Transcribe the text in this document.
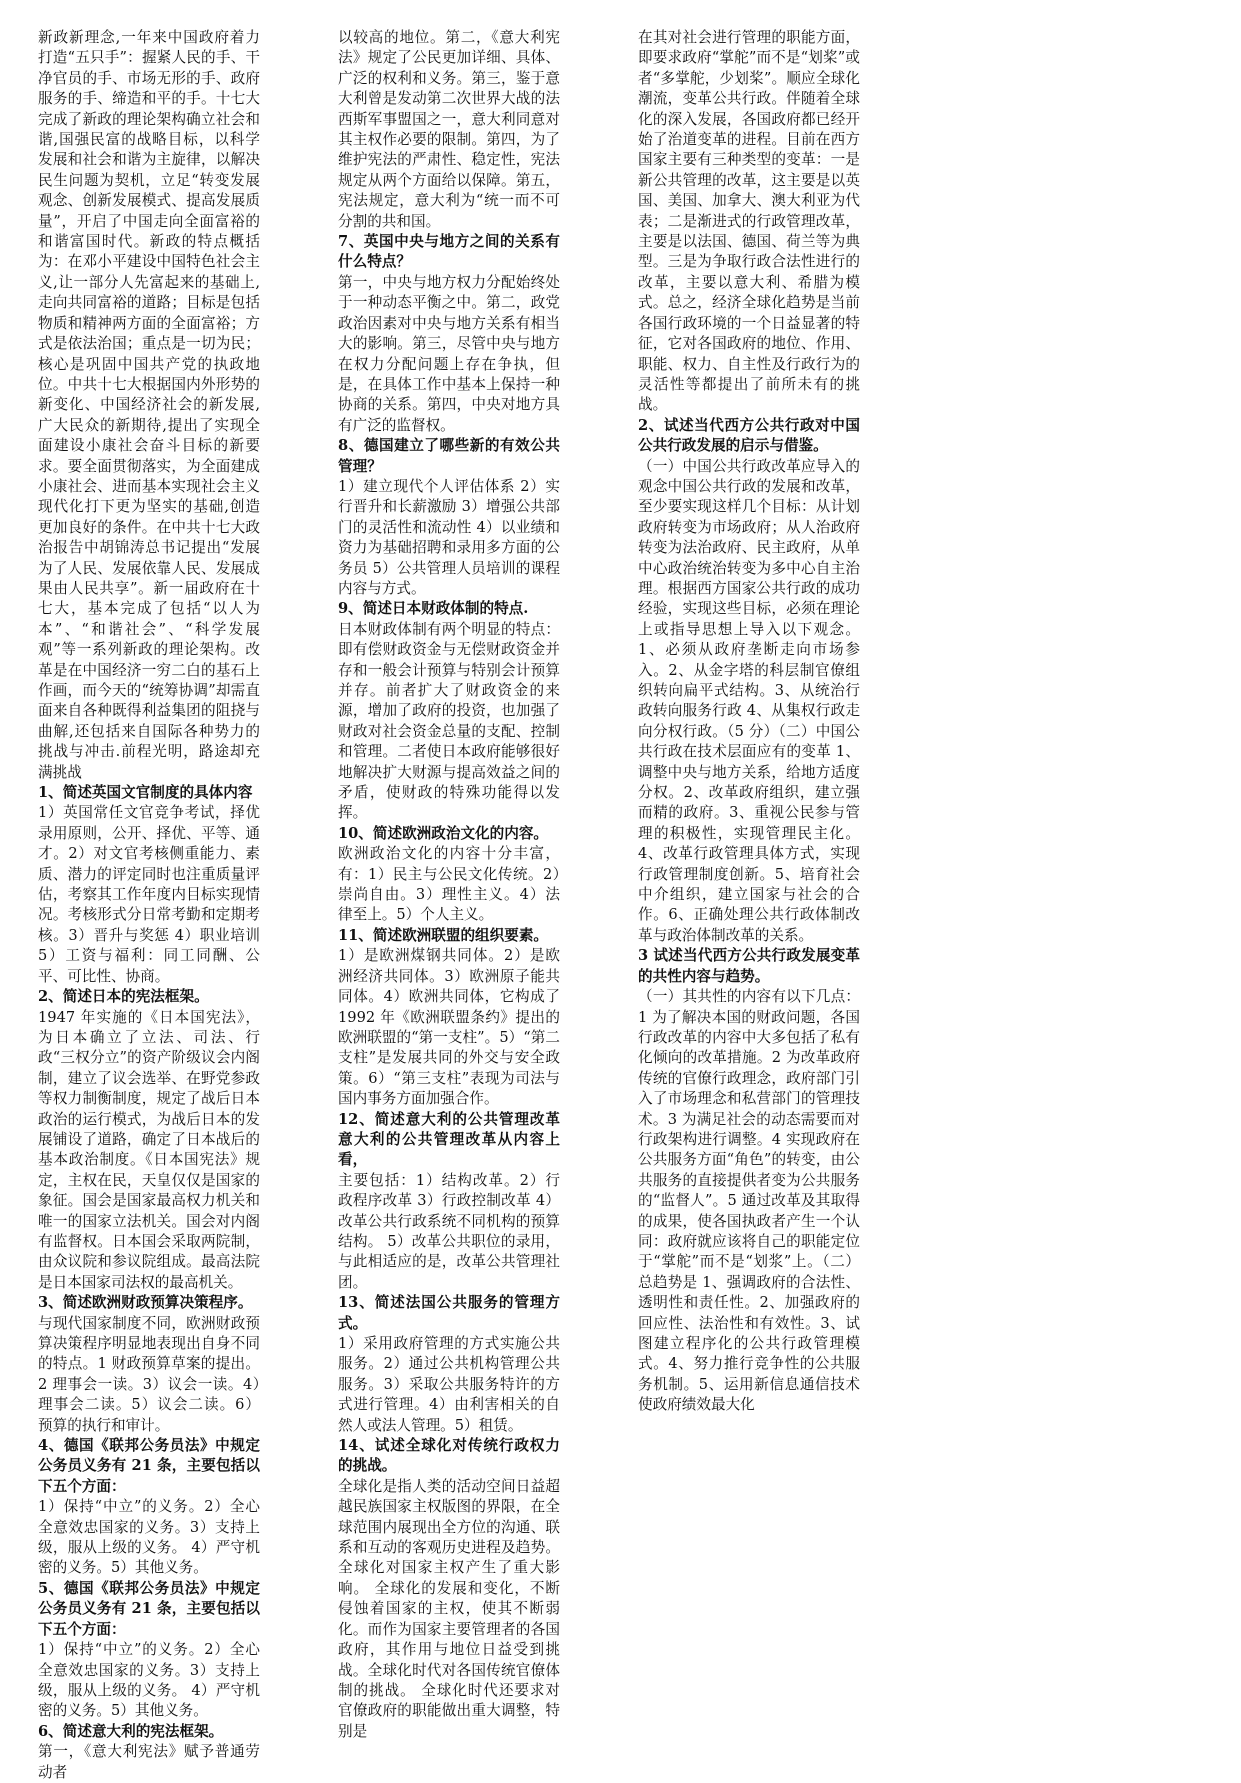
新政新理念,一年来中国政府着力打造“五只手”：握紧人民的手、干净官员的手、市场无形的手、政府服务的手、缔造和平的手。十七大完成了新政的理论架构确立社会和谐,国强民富的战略目标，以科学发展和社会和谐为主旋律，以解决民生问题为契机，立足“转变发展观念、创新发展模式、提高发展质量”，开启了中国走向全面富裕的和谐富国时代。新政的特点概括为：在邓小平建设中国特色社会主义,让一部分人先富起来的基础上,走向共同富裕的道路；目标是包括物质和精神两方面的全面富裕；方式是依法治国；重点是一切为民；核心是巩固中国共产党的执政地位。中共十七大根据国内外形势的新变化、中国经济社会的新发展,广大民众的新期待,提出了实现全面建设小康社会奋斗目标的新要求。要全面贯彻落实，为全面建成小康社会、进而基本实现社会主义现代化打下更为坚实的基础,创造更加良好的条件。在中共十七大政治报告中胡锦涛总书记提出“发展为了人民、发展依靠人民、发展成果由人民共享”。新一届政府在十七大，基本完成了包括“以人为本”、“和谐社会”、“科学发展观”等一系列新政的理论架构。改革是在中国经济一穷二白的基石上作画，而今天的“统筹协调”却需直面来自各种既得利益集团的阻挠与曲解,还包括来自国际各种势力的挑战与冲击.前程光明，路途却充满挑战
1、简述英国文官制度的具体内容
1）英国常任文官竞争考试，择优录用原则，公开、择优、平等、通才。2）对文官考核侧重能力、素质、潜力的评定同时也注重质量评估，考察其工作年度内目标实现情况。考核形式分日常考勤和定期考核。3）晋升与奖惩 4）职业培训 5）工资与福利：同工同酬、公平、可比性、协商。
2、简述日本的宪法框架。
1947 年实施的《日本国宪法》，为日本确立了立法、司法、行政“三权分立”的资产阶级议会内阁制，建立了议会选举、在野党参政等权力制衡制度，规定了战后日本政治的运行模式，为战后日本的发展铺设了道路，确定了日本战后的基本政治制度。《日本国宪法》规定，主权在民，天皇仅仅是国家的象征。国会是国家最高权力机关和唯一的国家立法机关。国会对内阁有监督权。日本国会采取两院制，由众议院和参议院组成。最高法院是日本国家司法权的最高机关。
3、简述欧洲财政预算决策程序。
与现代国家制度不同，欧洲财政预算决策程序明显地表现出自身不同的特点。1 财政预算草案的提出。2 理事会一读。3）议会一读。4）理事会二读。5）议会二读。6）预算的执行和审计。
4、德国《联邦公务员法》中规定公务员义务有 21 条，主要包括以下五个方面：
1）保持“中立”的义务。2）全心全意效忠国家的义务。3）支持上级，服从上级的义务。 4）严守机密的义务。5）其他义务。
5、德国《联邦公务员法》中规定公务员义务有 21 条，主要包括以下五个方面：
1）保持“中立”的义务。2）全心全意效忠国家的义务。3）支持上级，服从上级的义务。 4）严守机密的义务。5）其他义务。
6、简述意大利的宪法框架。
第一，《意大利宪法》赋予普通劳动者
以较高的地位。第二，《意大利宪法》规定了公民更加详细、具体、广泛的权利和义务。第三，鉴于意大利曾是发动第二次世界大战的法西斯军事盟国之一，意大利同意对其主权作必要的限制。第四，为了维护宪法的严肃性、稳定性，宪法规定从两个方面给以保障。第五，宪法规定，意大利为“统一而不可分割的共和国。
7、英国中央与地方之间的关系有什么特点？
第一，中央与地方权力分配始终处于一种动态平衡之中。第二，政党政治因素对中央与地方关系有相当大的影响。第三，尽管中央与地方在权力分配问题上存在争执，但是，在具体工作中基本上保持一种协商的关系。第四，中央对地方具有广泛的监督权。
8、德国建立了哪些新的有效公共管理？
1）建立现代个人评估体系 2）实行晋升和长薪激励 3）增强公共部门的灵活性和流动性 4）以业绩和资力为基础招聘和录用多方面的公务员 5）公共管理人员培训的课程内容与方式。
9、简述日本财政体制的特点.
日本财政体制有两个明显的特点：即有偿财政资金与无偿财政资金并存和一般会计预算与特别会计预算并存。前者扩大了财政资金的来源，增加了政府的投资，也加强了财政对社会资金总量的支配、控制和管理。二者使日本政府能够很好地解决扩大财源与提高效益之间的矛盾，使财政的特殊功能得以发挥。
10、简述欧洲政治文化的内容。
欧洲政治文化的内容十分丰富，有：1）民主与公民文化传统。2）崇尚自由。3）理性主义。4）法律至上。5）个人主义。
11、简述欧洲联盟的组织要素。
1）是欧洲煤钢共同体。2）是欧洲经济共同体。3）欧洲原子能共同体。4）欧洲共同体，它构成了 1992 年《欧洲联盟条约》提出的欧洲联盟的“第一支柱”。5）“第二支柱”是发展共同的外交与安全政策。6）“第三支柱”表现为司法与国内事务方面加强合作。
12、简述意大利的公共管理改革意大利的公共管理改革从内容上看，
主要包括：1）结构改革。2）行政程序改革 3）行政控制改革 4）改革公共行政系统不同机构的预算结构。 5）改革公共职位的录用，与此相适应的是，改革公共管理社团。
13、简述法国公共服务的管理方式。
1）采用政府管理的方式实施公共服务。2）通过公共机构管理公共服务。3）采取公共服务特许的方式进行管理。4）由利害相关的自然人或法人管理。5）租赁。
14、试述全球化对传统行政权力的挑战。
全球化是指人类的活动空间日益超越民族国家主权版图的界限，在全球范围内展现出全方位的沟通、联系和互动的客观历史进程及趋势。全球化对国家主权产生了重大影响。 全球化的发展和变化，不断侵蚀着国家的主权，使其不断弱化。而作为国家主要管理者的各国政府，其作用与地位日益受到挑战。全球化时代对各国传统官僚体制的挑战。 全球化时代还要求对官僚政府的职能做出重大调整，特别是
在其对社会进行管理的职能方面，即要求政府“掌舵”而不是“划桨”或者“多掌舵，少划桨”。顺应全球化潮流，变革公共行政。伴随着全球化的深入发展，各国政府都已经开始了治道变革的进程。目前在西方国家主要有三种类型的变革：一是新公共管理的改革，这主要是以英国、美国、加拿大、澳大利亚为代表；二是渐进式的行政管理改革，主要是以法国、德国、荷兰等为典型。三是为争取行政合法性进行的改革，主要以意大利、希腊为模式。总之，经济全球化趋势是当前各国行政环境的一个日益显著的特征，它对各国政府的地位、作用、职能、权力、自主性及行政行为的灵活性等都提出了前所未有的挑战。
2、试述当代西方公共行政对中国公共行政发展的启示与借鉴。
（一）中国公共行政改革应导入的观念中国公共行政的发展和改革，至少要实现这样几个目标：从计划政府转变为市场政府；从人治政府转变为法治政府、民主政府，从单中心政治统治转变为多中心自主治理。根据西方国家公共行政的成功经验，实现这些目标，必须在理论上或指导思想上导入以下观念。1、必须从政府垄断走向市场参入。2、从金字塔的科层制官僚组织转向扁平式结构。3、从统治行政转向服务行政 4、从集权行政走向分权行政。（5 分）（二）中国公共行政在技术层面应有的变革 1、调整中央与地方关系，给地方适度分权。2、改革政府组织，建立强而精的政府。3、重视公民参与管理的积极性，实现管理民主化。4、改革行政管理具体方式，实现行政管理制度创新。5、培育社会中介组织，建立国家与社会的合作。6、正确处理公共行政体制改革与政治体制改革的关系。
3 试述当代西方公共行政发展变革的共性内容与趋势。
（一）其共性的内容有以下几点：1 为了解决本国的财政问题，各国行政改革的内容中大多包括了私有化倾向的改革措施。2 为改革政府传统的官僚行政理念，政府部门引入了市场理念和私营部门的管理技术。3 为满足社会的动态需要而对行政架构进行调整。4 实现政府在公共服务方面“角色”的转变，由公共服务的直接提供者变为公共服务的“监督人”。5 通过改革及其取得的成果，使各国执政者产生一个认同：政府就应该将自己的职能定位于“掌舵”而不是“划浆”上。（二）总趋势是 1、强调政府的合法性、透明性和责任性。2、加强政府的回应性、法治性和有效性。3、试图建立程序化的公共行政管理模式。4、努力推行竞争性的公共服务机制。5、运用新信息通信技术使政府绩效最大化
